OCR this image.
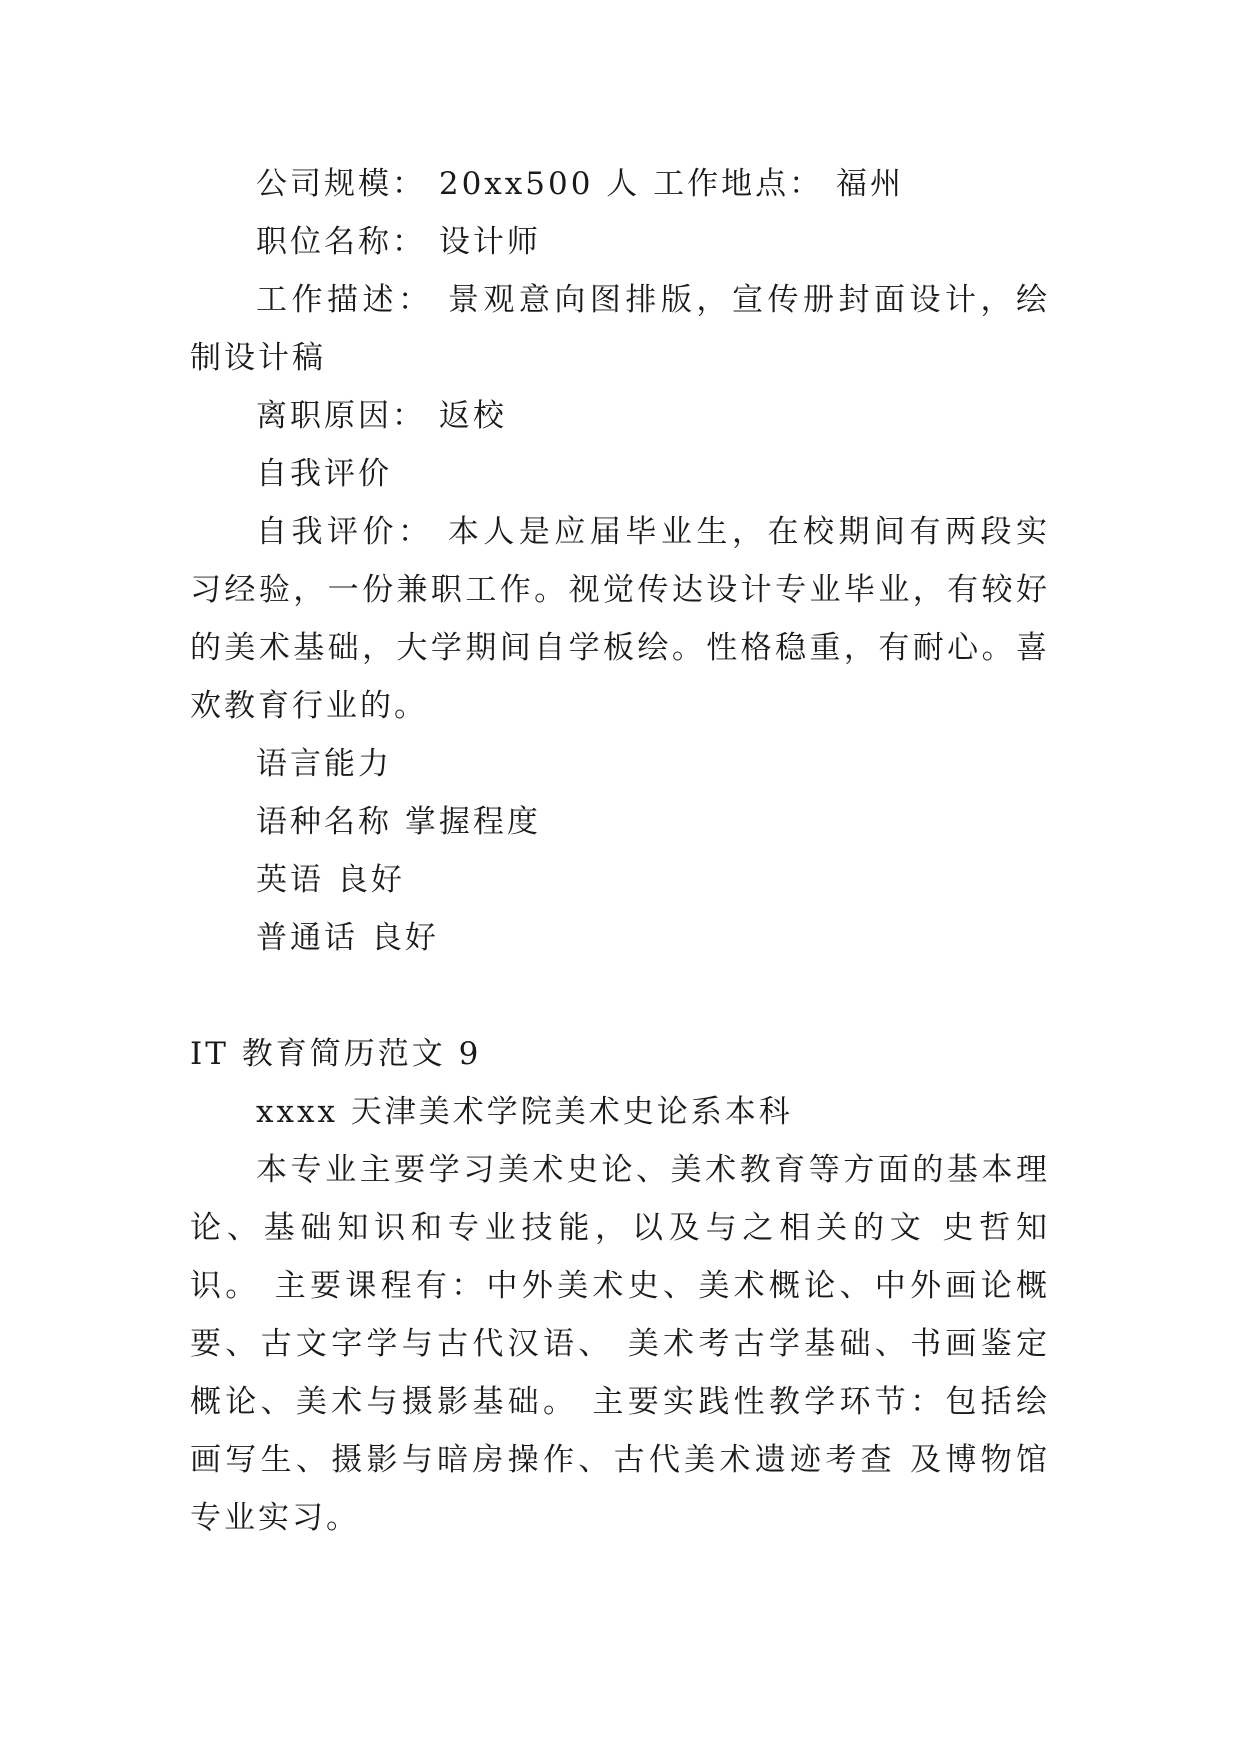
公司规模： 20xx500 人 工作地点： 福州
职位名称： 设计师
工作描述： 景观意向图排版，宣传册封面设计，绘制设计稿
离职原因： 返校
自我评价
自我评价： 本人是应届毕业生，在校期间有两段实习经验，一份兼职工作。视觉传达设计专业毕业，有较好的美术基础，大学期间自学板绘。性格稳重，有耐心。喜欢教育行业的。
语言能力
语种名称 掌握程度
英语 良好
普通话 良好
IT 教育简历范文 9
xxxx 天津美术学院美术史论系本科
本专业主要学习美术史论、美术教育等方面的基本理论、基础知识和专业技能，以及与之相关的文 史哲知识。 主要课程有：中外美术史、美术概论、中外画论概要、古文字学与古代汉语、 美术考古学基础、书画鉴定概论、美术与摄影基础。 主要实践性教学环节：包括绘画写生、摄影与暗房操作、古代美术遗迹考查 及博物馆专业实习。
